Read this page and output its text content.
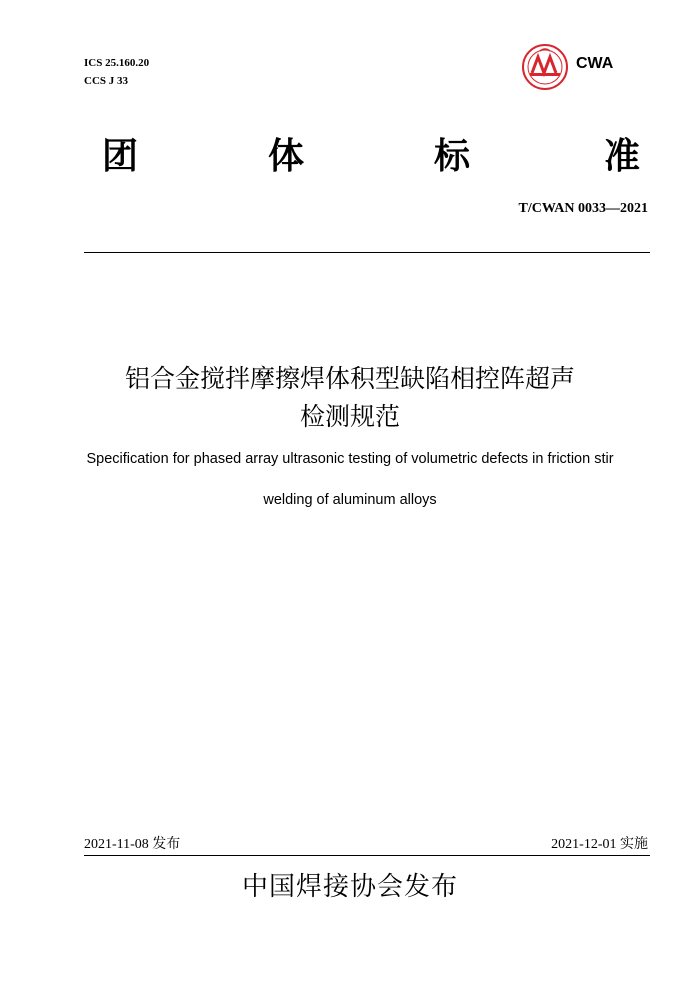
ICS 25.160.20
CCS J 33
CWA
团	体	标	准
T/CWAN 0033—2021
铝合金搅拌摩擦焊体积型缺陷相控阵超声
检测规范
Specification for phased array ultrasonic testing of volumetric defects in friction stir
welding of aluminum alloys
2021-11-08 发布	2021-12-01 实施
中国焊接协会发布
